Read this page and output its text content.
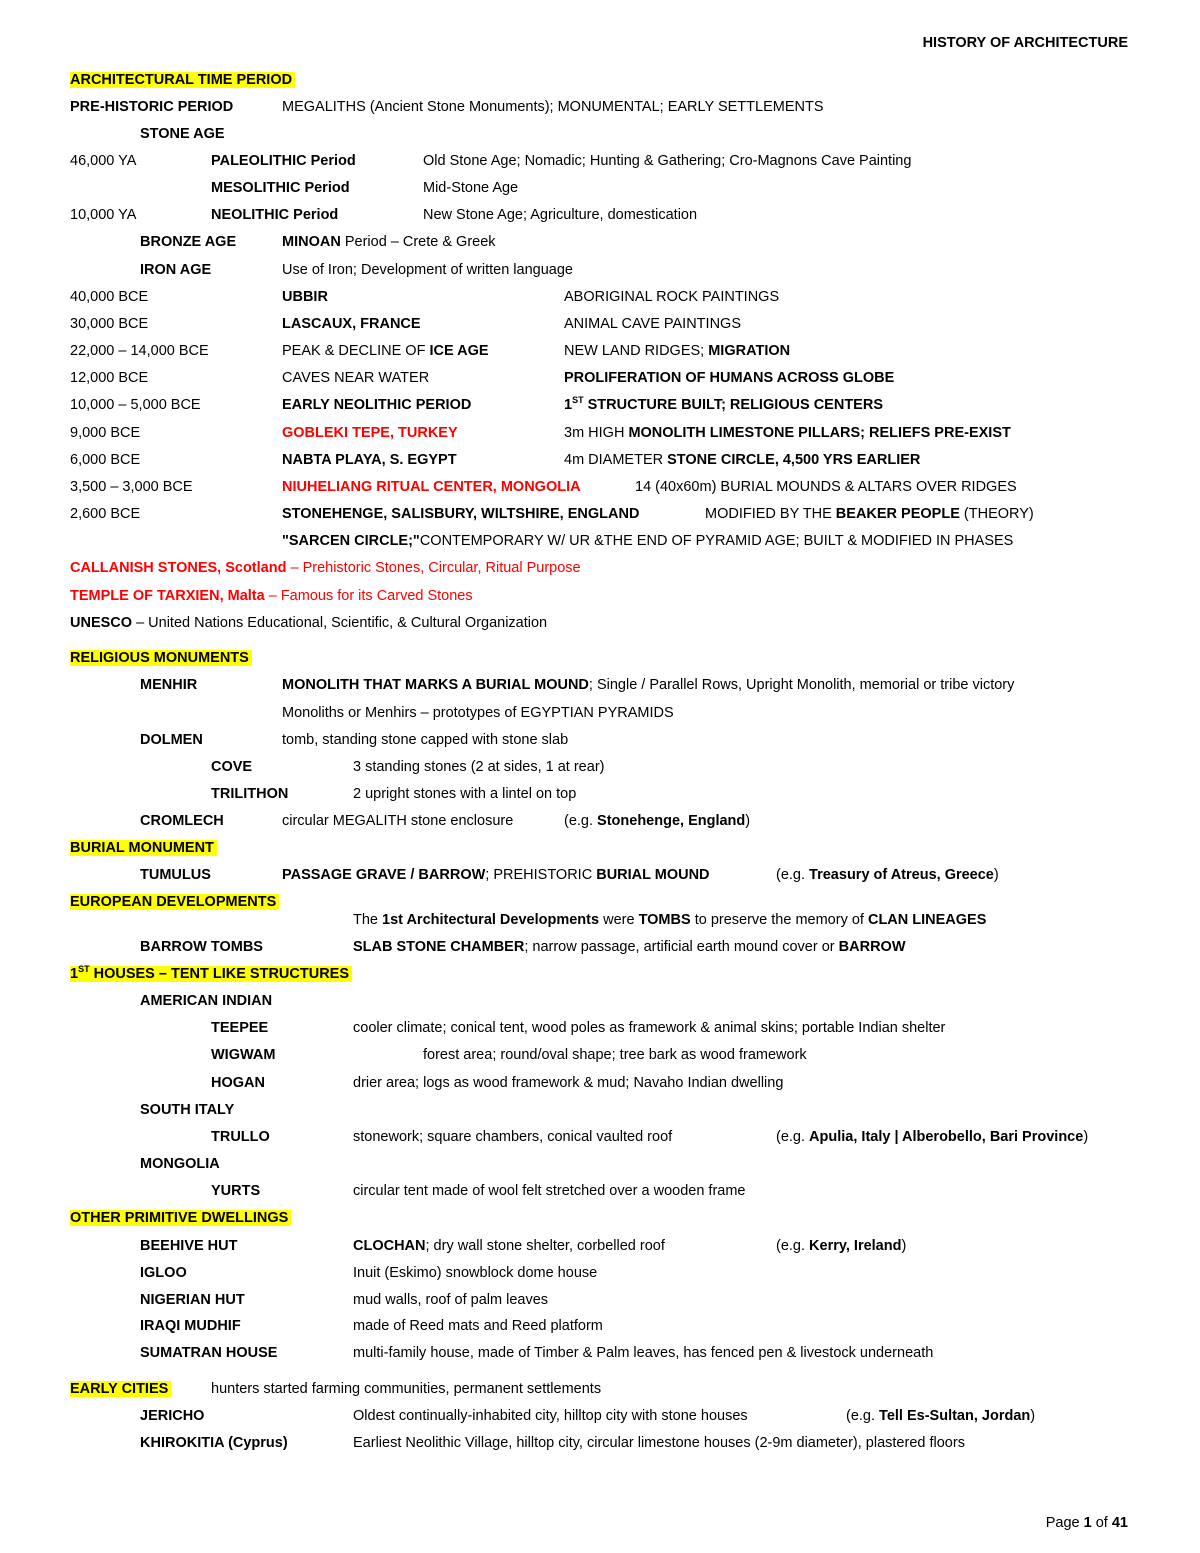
HISTORY OF ARCHITECTURE
ARCHITECTURAL TIME PERIOD
PRE-HISTORIC PERIOD	MEGALITHS (Ancient Stone Monuments); MONUMENTAL; EARLY SETTLEMENTS
STONE AGE
46,000 YA	PALEOLITHIC Period	Old Stone Age; Nomadic; Hunting & Gathering; Cro-Magnons Cave Painting
MESOLITHIC Period	Mid-Stone Age
10,000 YA	NEOLITHIC Period	New Stone Age; Agriculture, domestication
BRONZE AGE	MINOAN Period – Crete & Greek
IRON AGE	Use of Iron; Development of written language
40,000 BCE	UBBIR	ABORIGINAL ROCK PAINTINGS
30,000 BCE	LASCAUX, FRANCE	ANIMAL CAVE PAINTINGS
22,000 – 14,000 BCE	PEAK & DECLINE OF ICE AGE	NEW LAND RIDGES; MIGRATION
12,000 BCE	CAVES NEAR WATER	PROLIFERATION OF HUMANS ACROSS GLOBE
10,000 – 5,000 BCE	EARLY NEOLITHIC PERIOD	1ST STRUCTURE BUILT; RELIGIOUS CENTERS
9,000 BCE	GOBLEKI TEPE, TURKEY	3m HIGH MONOLITH LIMESTONE PILLARS; RELIEFS PRE-EXIST
6,000 BCE	NABTA PLAYA, S. EGYPT	4m DIAMETER STONE CIRCLE, 4,500 YRS EARLIER
3,500 – 3,000 BCE	NIUHELIANG RITUAL CENTER, MONGOLIA	14 (40x60m) BURIAL MOUNDS & ALTARS OVER RIDGES
2,600 BCE	STONEHENGE, SALISBURY, WILTSHIRE, ENGLAND	MODIFIED BY THE BEAKER PEOPLE (THEORY)
"SARCEN CIRCLE;"CONTEMPORARY W/ UR &THE END OF PYRAMID AGE; BUILT & MODIFIED IN PHASES
CALLANISH STONES, Scotland – Prehistoric Stones, Circular, Ritual Purpose
TEMPLE OF TARXIEN, Malta – Famous for its Carved Stones
UNESCO – United Nations Educational, Scientific, & Cultural Organization
RELIGIOUS MONUMENTS
MENHIR	MONOLITH THAT MARKS A BURIAL MOUND; Single / Parallel Rows, Upright Monolith, memorial or tribe victory
Monoliths or Menhirs – prototypes of EGYPTIAN PYRAMIDS
DOLMEN	tomb, standing stone capped with stone slab
COVE	3 standing stones (2 at sides, 1 at rear)
TRILITHON	2 upright stones with a lintel on top
CROMLECH	circular MEGALITH stone enclosure	(e.g. Stonehenge, England)
BURIAL MONUMENT
TUMULUS	PASSAGE GRAVE / BARROW; PREHISTORIC BURIAL MOUND	(e.g. Treasury of Atreus, Greece)
EUROPEAN DEVELOPMENTS
The 1st Architectural Developments were TOMBS to preserve the memory of CLAN LINEAGES
BARROW TOMBS	SLAB STONE CHAMBER; narrow passage, artificial earth mound cover or BARROW
1ST HOUSES – TENT LIKE STRUCTURES
AMERICAN INDIAN
TEEPEE	cooler climate; conical tent, wood poles as framework & animal skins; portable Indian shelter
WIGWAM	forest area; round/oval shape; tree bark as wood framework
HOGAN	drier area; logs as wood framework & mud; Navaho Indian dwelling
SOUTH ITALY
TRULLO	stonework; square chambers, conical vaulted roof	(e.g. Apulia, Italy | Alberobello, Bari Province)
MONGOLIA
YURTS	circular tent made of wool felt stretched over a wooden frame
OTHER PRIMITIVE DWELLINGS
BEEHIVE HUT	CLOCHAN; dry wall stone shelter, corbelled roof	(e.g. Kerry, Ireland)
IGLOO	Inuit (Eskimo) snowblock dome house
NIGERIAN HUT	mud walls, roof of palm leaves
IRAQI MUDHIF	made of Reed mats and Reed platform
SUMATRAN HOUSE	multi-family house, made of Timber & Palm leaves, has fenced pen & livestock underneath
EARLY CITIES	hunters started farming communities, permanent settlements
JERICHO	Oldest continually-inhabited city, hilltop city with stone houses	(e.g. Tell Es-Sultan, Jordan)
KHIROKITIA (Cyprus)	Earliest Neolithic Village, hilltop city, circular limestone houses (2-9m diameter), plastered floors
Page 1 of 41
